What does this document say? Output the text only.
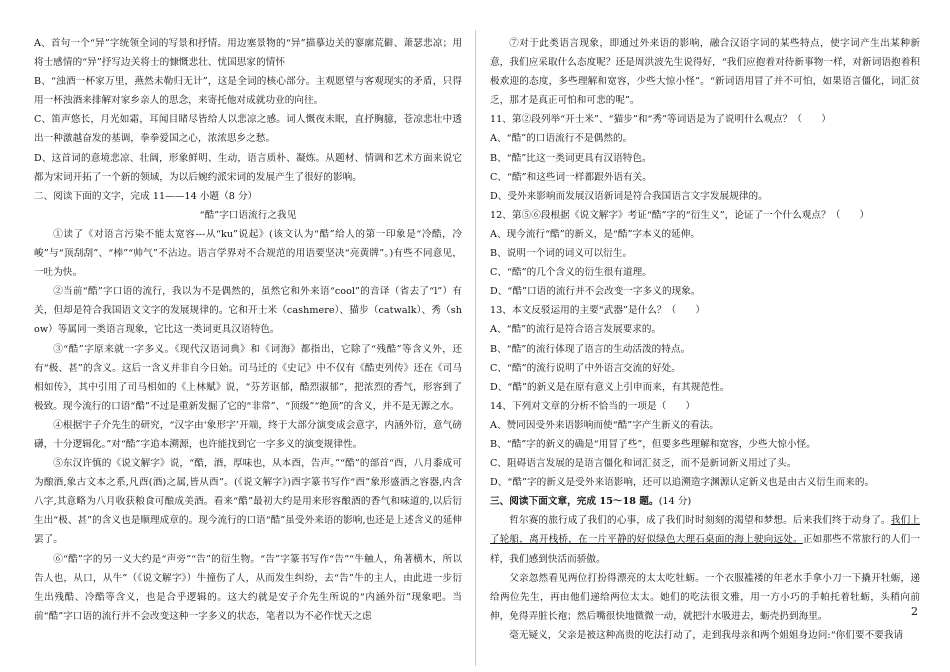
A、首句一个“异”字统领全词的写景和抒情。用边塞景物的“异”描摹边关的寥廓荒僻、萧瑟悲凉；用将士感情的“异”抒写边关将士的慷慨悲壮、忧国思家的情怀

B、“浊酒一杯家万里，燕然未勒归无计”，这是全词的核心部分。主观愿望与客观现实的矛盾，只得用一杯浊酒来排解对家乡亲人的思念，来寄托他对成就功业的向往。

C、笛声悠长，月光如霜，耳闻目睹尽皆给人以悲凉之感。词人慨夜未眠，直抒胸臆，苍凉悲壮中透出一种激越奋发的基调，拳拳爱国之心，浓浓思乡之愁。

D、这首词的意境悲凉、壮阔，形象鲜明、生动，语言质朴、凝炼。从题材、情调和艺术方面来说它都为宋词开拓了一个新的领域，为以后婉约派宋词的发展产生了很好的影响。

二、阅读下面的文字，完成 11——14 小题（8 分）

“酷”字口语流行之我见

①读了《对语言污染不能太宽容---从“ku”说起》(该文认为“酷”给人的第一印象是“冷酷，冷峻”与“顶刮刮”、“棒”“帅气”不沾边。语言学界对不合规范的用语要坚决“亮黄牌”。)有些不同意见，一吐为快。

②当前“酷”字口语的流行，我以为不是偶然的，虽然它和外来语“cool”的音译（省去了“l”）有关，但却是符合我国语文文字的发展规律的。它和开士米（cashmere）、猫步（catwalk）、秀（show）等属同一类语言现象，它比这一类词更具汉语特色。

③“酷”字原来就一字多义。《现代汉语词典》和《词海》都指出，它除了“残酷”等含义外，还有“极、甚”的含义。这后一含义并非自今日始。司马迁的《史记》中不仅有《酷吏列传》还在《司马相如传》，其中引用了司马相如的《上林赋》说，“芬芳讴郁，酷烈淑郁”，把浓烈的香气，形容到了极致。现今流行的口语“酷”不过是重新发掘了它的“非常”、“顶级”“绝顶”的含义，并不是无源之水。

④根据宇子介先生的研究，“汉字由‘象形字’开端，终于大部分演变成会意字，内涵外衍，意气磅礴，十分逻辑化。”对“酷”字追本溯源，也许能找到它一字多义的演变规律性。

⑤东汉许慎的《说文解字》说，“酷，酒，厚味也，从本酉，告声。”“酷”的部首“酉，八月黍成可为酿酒,象古文本之系,凡酉(酒)之属,皆从酉”。(《说文解字》)酉字篆书写作“酉”象形盛酒之容器,内含八字,其意略为八月收获粮食可酿成美酒。看来“酷”最初大约是用来形容酿酒的香气和味道的,以后衍生出“极、甚”的含义也是顺理成章的。现今流行的口语“酷”虽受外来语的影响,也还是上述含义的延伸罢了。

⑥“酷”字的另一义大约是“声旁”“告”的衍生物。“告”字篆书写作“告”“牛触人，角著横木，所以告人也，从口，从牛”（《说文解字》）牛撞伤了人，从而发生纠纷，去“告”牛的主人，由此进一步衍生出残酷、冷酷等含义，也是合乎逻辑的。这大约就是安子介先生所说的“内涵外衍”现象吧。当前“酷”字口语的流行并不会改变这种一字多义的状态，笔者以为不必作忧天之虑

⑦对于此类语言现象，即通过外来语的影响，融合汉语字词的某些特点，使字词产生出某种新意，我们应采取什么态度呢？还是周洪波先生说得好，“我们应抱着对待新事物一样，对新词语抱着积极欢迎的态度，多些理解和宽容，少些大惊小怪”。“新词语用冒了并不可怕，如果语言僵化，词汇贫乏，那才是真正可怕和可悲的呢”。

11、第②段列举“开士米”、“猫步”和“秀”等词语是为了说明什么观点？（　　）

A、“酷”的口语流行不是偶然的。

B、“酷”比这一类词更具有汉语特色。

C、“酷”和这些词一样都跟外语有关。

D、受外来影响而发展汉语新词是符合我国语言文字发展规律的。

12、第⑤⑥段根据《说文解字》考证“酷”字的“衍生义”，论证了一个什么观点？（　　）

A、现今流行“酷”的新义，是“酷”字本义的延伸。

B、说明一个词的词义可以衍生。

C、“酷”的几个含义的衍生很有道理。

D、“酷”口语的流行并不会改变一字多义的现象。

13、本文反驳运用的主要“武器”是什么？（　　）

A、“酷”的流行是符合语言发展要求的。

B、“酷”的流行体现了语言的生动活泼的特点。

C、“酷”的流行说明了中外语言交流的好处。

D、“酷”的新义是在原有意义上引申而来，有其规范性。

14、下列对文章的分析不恰当的一项是（　　）

A、赞同因受外来语影响而使“酷”字产生新义的看法。

B、“酷”字的新义的确是“用冒了些”，但要多些理解和宽容，少些大惊小怪。

C、阻碍语言发展的是语言僵化和词汇贫乏，而不是新词新义用过了头。

D、“酷”字的新义是受外来语影响，还可以追溯造字渊源认定新义也是由古义衍生而来的。

三、阅读下面文章，完成 15～18 题。(14 分)

哲尔赛的旅行成了我们的心事，成了我们时时刻刻的渴望和梦想。后来我们终于动身了。我们上了轮船，离开栈桥，在一片平静的好似绿色大理石桌面的海上驶向远处。正如那些不常旅行的人们一样，我们感到快活而骄傲。

父亲忽然看见两位打扮得漂亮的太太吃牡蛎。一个衣服褴褛的年老水手拿小刀一下撬开牡蛎，递给两位先生，再由他们递给两位太太。她们的吃法很文雅，用一方小巧的手帕托着牡蛎，头稍向前伸，免得弄脏长袍；然后嘴很快地微微一动，就把汁水吸进去，蛎壳扔到海里。

毫无疑义，父亲是被这种高贵的吃法打动了，走到我母亲和两个姐姐身边问:“你们要不要我请

2
